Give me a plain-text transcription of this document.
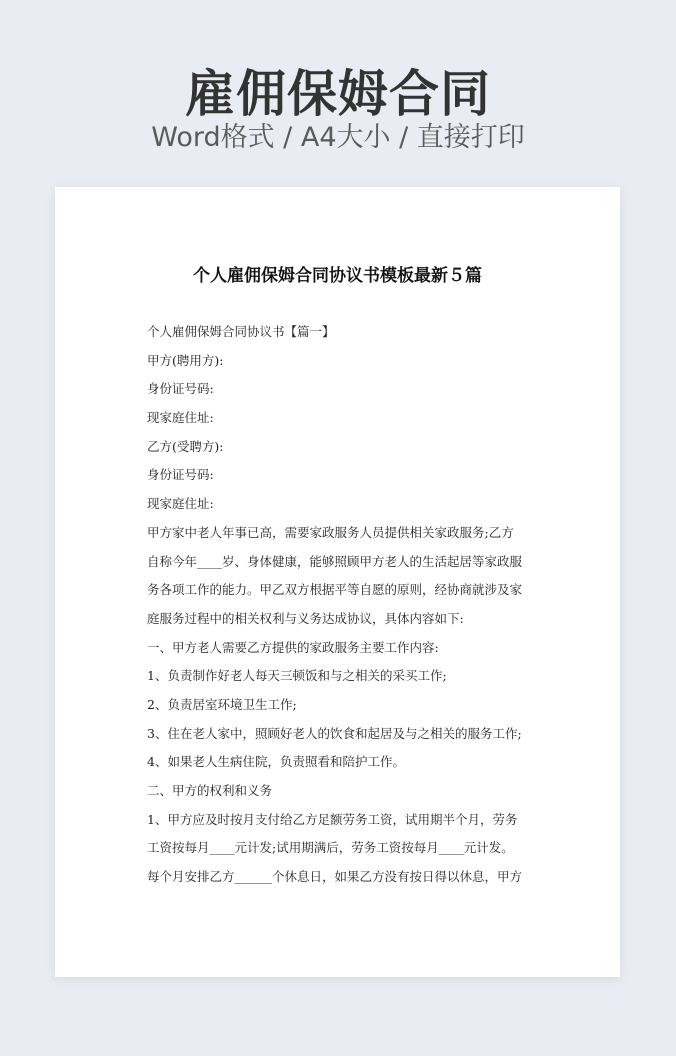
雇佣保姆合同
Word格式 / A4大小 / 直接打印
个人雇佣保姆合同协议书模板最新５篇
个人雇佣保姆合同协议书【篇一】
甲方(聘用方):
身份证号码:
现家庭住址:
乙方(受聘方):
身份证号码:
现家庭住址:
甲方家中老人年事已高，需要家政服务人员提供相关家政服务;乙方
自称今年____岁、身体健康，能够照顾甲方老人的生活起居等家政服
务各项工作的能力。甲乙双方根据平等自愿的原则，经协商就涉及家
庭服务过程中的相关权利与义务达成协议，具体内容如下:
一、甲方老人需要乙方提供的家政服务主要工作内容:
1、负责制作好老人每天三顿饭和与之相关的采买工作;
2、负责居室环境卫生工作;
3、住在老人家中，照顾好老人的饮食和起居及与之相关的服务工作;
4、如果老人生病住院，负责照看和陪护工作。
二、甲方的权利和义务
1、甲方应及时按月支付给乙方足额劳务工资，试用期半个月，劳务
工资按每月____元计发;试用期满后，劳务工资按每月____元计发。
每个月安排乙方______个休息日，如果乙方没有按日得以休息，甲方
